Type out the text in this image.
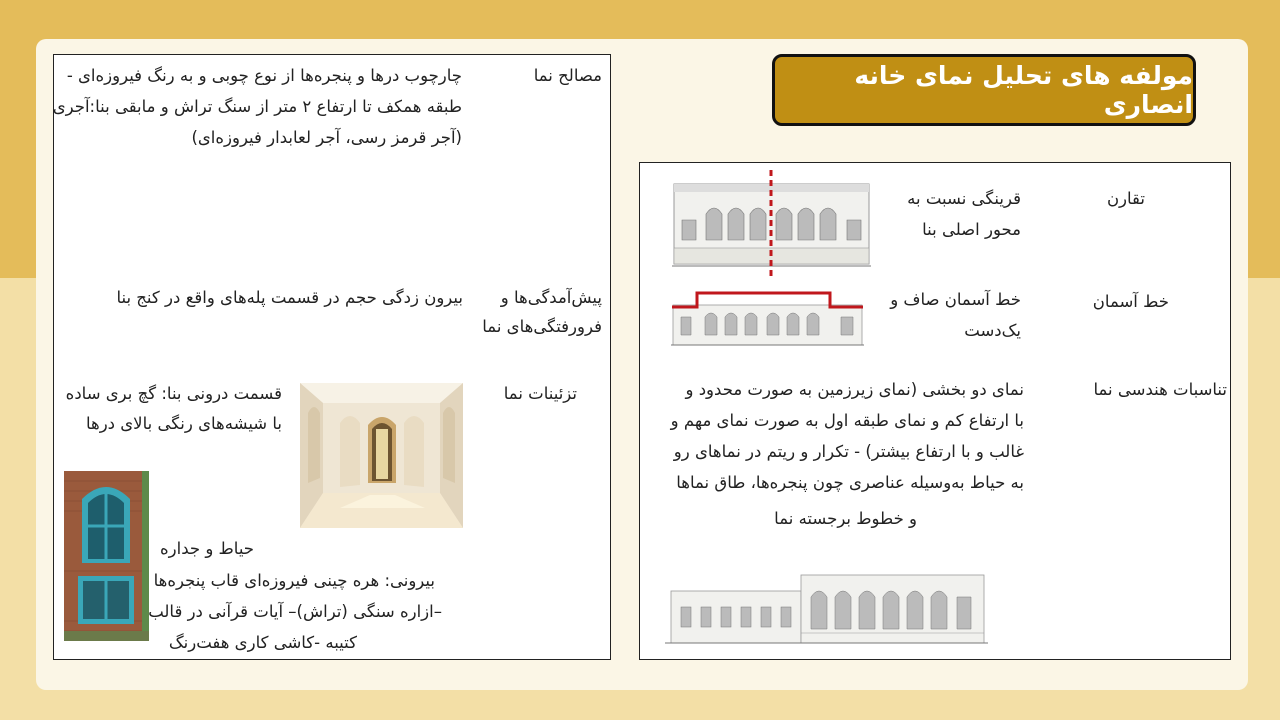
مولفه های تحلیل نمای خانه انصاری
مصالح نما
چارچوب درها و پنجره‌ها از نوع چوبی و به رنگ فیروزه‌ای -
طبقه همکف تا ارتفاع ۲ متر از سنگ تراش و مابقی بنا:آجری
(آجر قرمز رسی، آجر لعابدار فیروزه‌ای)
پیش‌آمدگی‌ها و
فرورفتگی‌های نما
بیرون زدگی حجم در قسمت پله‌های واقع در کنج بنا
تزئینات نما
قسمت درونی بنا: گچ بری ساده
با شیشه‌های رنگی بالای درها
حیاط و جداره
بیرونی: هره چینی فیروزه‌ای قاب پنجره‌ها
–ازاره سنگی (تراش)– آیات قرآنی در قالب
کتیبه -کاشی کاری هفت‌رنگ
تقارن
قرینگی نسبت به
محور اصلی بنا
خط آسمان
خط آسمان صاف و
یک‌دست
تناسبات هندسی نما
نمای دو بخشی (نمای زیرزمین به صورت محدود و
با ارتفاع کم و نمای طبقه اول به صورت نمای مهم و
غالب و با ارتفاع بیشتر) - تکرار و ریتم در نماهای رو
به حیاط به‌وسیله عناصری چون پنجره‌ها، طاق نماها
و خطوط برجسته نما
